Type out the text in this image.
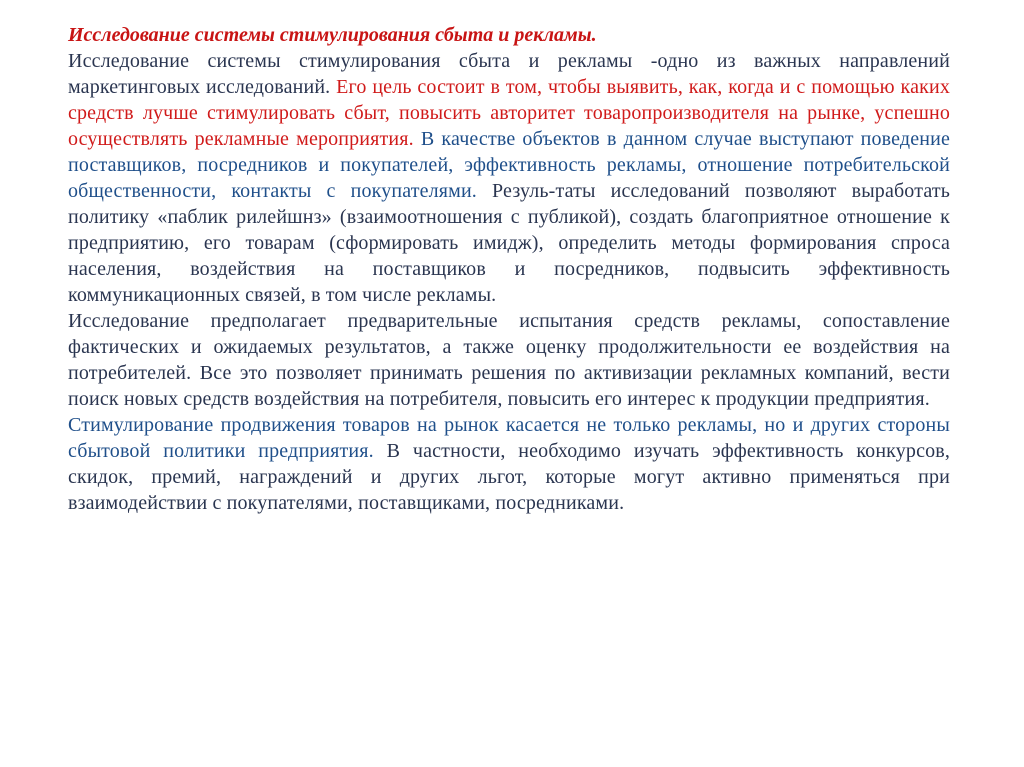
Исследование системы стимулирования сбыта и рекламы.

Исследование системы стимулирования сбыта и рекламы -одно из важных направлений маркетинговых исследований. Его цель состоит в том, чтобы выявить, как, когда и с помощью каких средств лучше стимулировать сбыт, повысить авторитет товаропроизводителя на рынке, успешно осуществлять рекламные мероприятия. В качестве объектов в данном случае выступают поведение поставщиков, посредников и покупателей, эффективность рекламы, отношение потребительской общественности, контакты с покупателями. Резуль-таты исследований позволяют выработать политику «паблик рилейшнз» (взаимоотношения с публикой), создать благоприятное отношение к предприятию, его товарам (сформировать имидж), определить методы формирования спроса населения, воздействия на поставщиков и посредников, подвысить эффективность коммуникационных связей, в том числе рекламы.

Исследование предполагает предварительные испытания средств рекламы, сопоставление фактических и ожидаемых результатов, а также оценку продолжительности ее воздействия на потребителей. Все это позволяет принимать решения по активизации рекламных компаний, вести поиск новых средств воздействия на потребителя, повысить его интерес к продукции предприятия.

Стимулирование продвижения товаров на рынок касается не только рекламы, но и других стороны сбытовой политики предприятия. В частности, необходимо изучать эффективность конкурсов, скидок, премий, награждений и других льгот, которые могут активно применяться при взаимодействии с покупателями, поставщиками, посредниками.
